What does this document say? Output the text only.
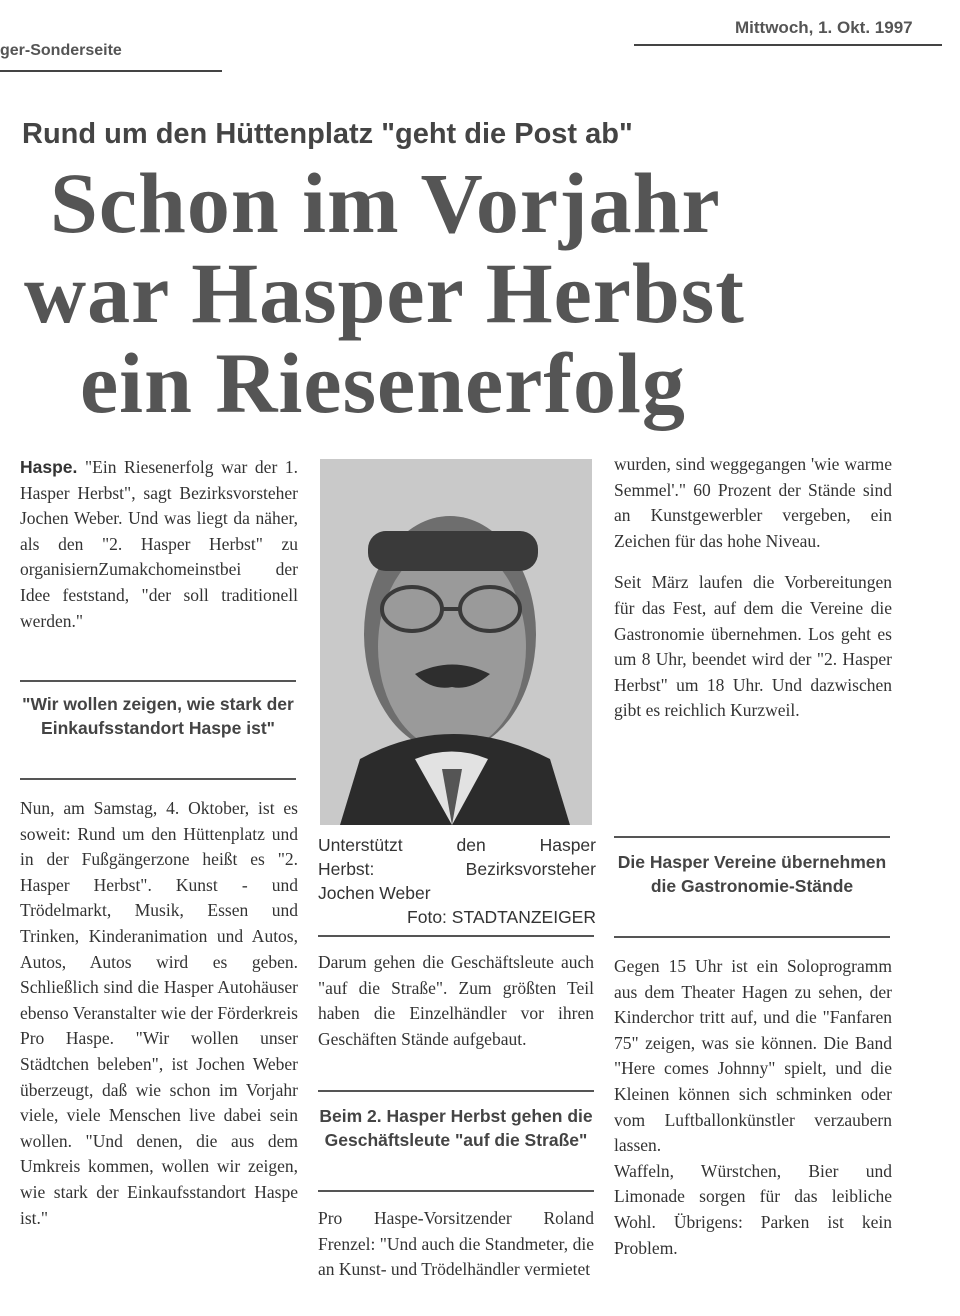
ger-Sonderseite
Mittwoch, 1. Okt. 1997
Rund um den Hüttenplatz "geht die Post ab"
Schon im Vorjahr
war Hasper Herbst
ein Riesenerfolg

Haspe. "Ein Riesenerfolg war der 1. Hasper Herbst", sagt Bezirksvorsteher Jochen Weber. Und was liegt da näher, als den "2. Hasper Herbst" zu organisiernZumakchomeinstbei der Idee feststand, "der soll traditionell werden."

"Wir wollen zeigen, wie stark der Einkaufsstandort Haspe ist"

Nun, am Samstag, 4. Oktober, ist es soweit: Rund um den Hüttenplatz und in der Fußgängerzone heißt es "2. Hasper Herbst". Kunst - und Trödelmarkt, Musik, Essen und Trinken, Kinderanimation und Autos, Autos, Autos wird es geben. Schließlich sind die Hasper Autohäuser ebenso Veranstalter wie der Förderkreis Pro Haspe. "Wir wollen unser Städtchen beleben", ist Jochen Weber überzeugt, daß wie schon im Vorjahr viele, viele Menschen live dabei sein wollen. "Und denen, die aus dem Umkreis kommen, wollen wir zeigen, wie stark der Einkaufsstandort Haspe ist."

Unterstützt den Hasper
Herbst: Bezirksvorsteher
Jochen Weber
Foto: STADTANZEIGER

Darum gehen die Geschäftsleute auch "auf die Straße". Zum größten Teil haben die Einzelhändler vor ihren Geschäften Stände aufgebaut.

Beim 2. Hasper Herbst gehen die Geschäftsleute "auf die Straße"

Pro Haspe-Vorsitzender Roland Frenzel: "Und auch die Standmeter, die an Kunst- und Trödelhändler vermietet

wurden, sind weggegangen 'wie warme Semmel'." 60 Prozent der Stände sind an Kunstgewerbler vergeben, ein Zeichen für das hohe Niveau.

Seit März laufen die Vorbereitungen für das Fest, auf dem die Vereine die Gastronomie übernehmen. Los geht es um 8 Uhr, beendet wird der "2. Hasper Herbst" um 18 Uhr. Und dazwischen gibt es reichlich Kurzweil.

Die Hasper Vereine übernehmen die Gastronomie-Stände

Gegen 15 Uhr ist ein Soloprogramm aus dem Theater Hagen zu sehen, der Kinderchor tritt auf, und die "Fanfaren 75" zeigen, was sie können. Die Band "Here comes Johnny" spielt, und die Kleinen können sich schminken oder vom Luftballonkünstler verzaubern lassen.

Waffeln, Würstchen, Bier und Limonade sorgen für das leibliche Wohl. Übrigens: Parken ist kein Problem.
